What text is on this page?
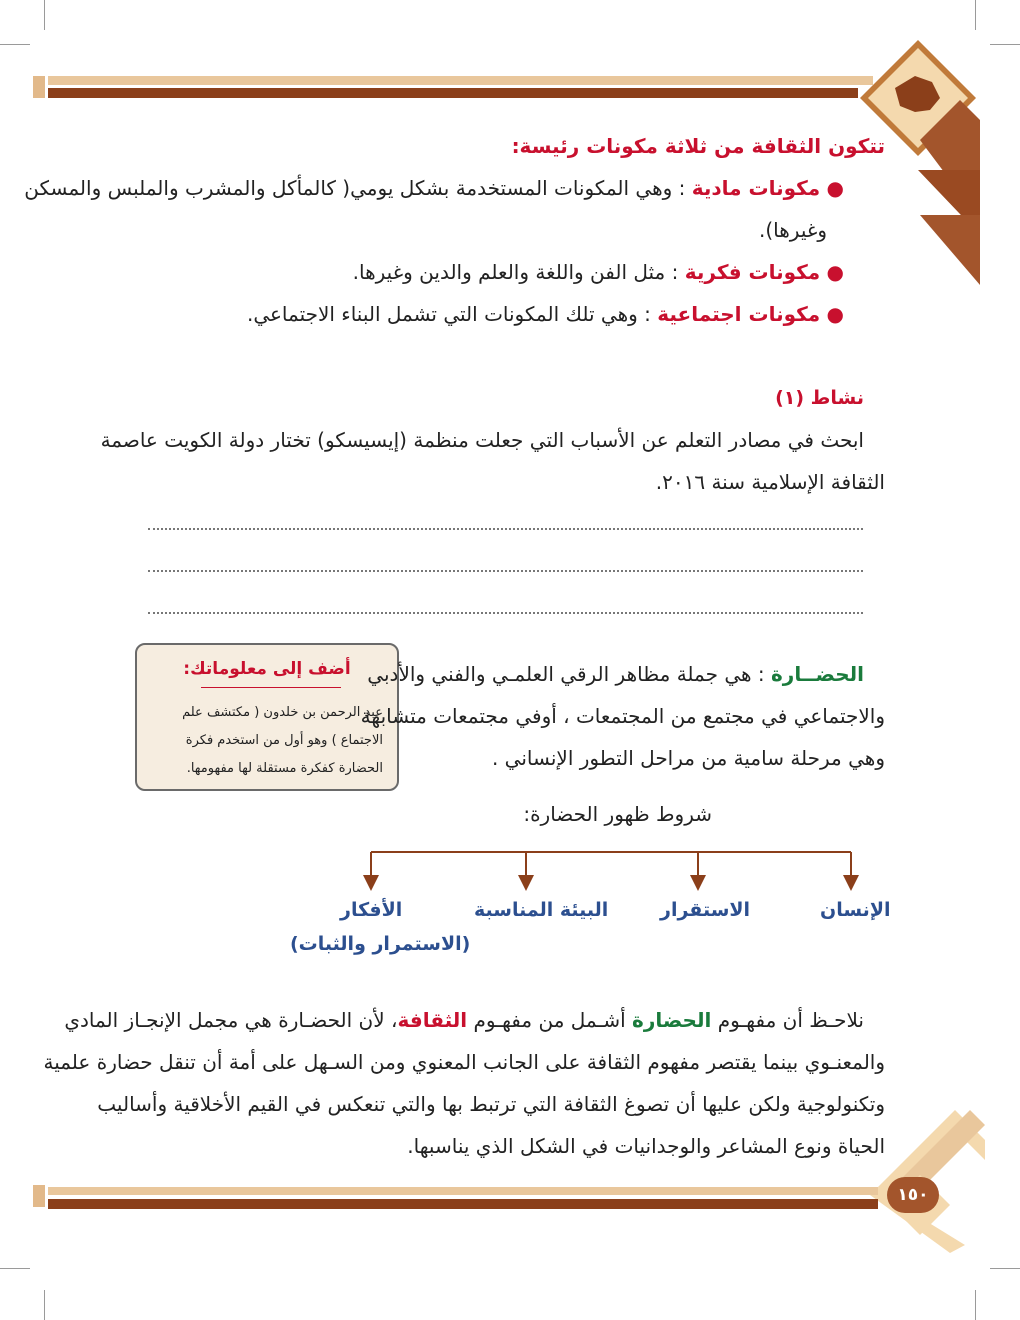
تتكون الثقافة من ثلاثة مكونات رئيسة:
● مكونات مادية : وهي المكونات المستخدمة بشكل يومي( كالمأكل والمشرب والملبس والمسكن
وغيرها).
● مكونات فكرية : مثل الفن واللغة والعلم والدين وغيرها.
● مكونات اجتماعية : وهي تلك المكونات التي تشمل البناء الاجتماعي.
نشاط (١)
ابحث في مصادر التعلم عن الأسباب التي جعلت منظمة (إيسيسكو) تختار دولة الكويت عاصمة
الثقافة الإسلامية سنة ٢٠١٦.
أضف إلى معلوماتك:
عبد الرحمن بن خلدون ( مكتشف علم
الاجتماع ) وهو أول من استخدم فكرة
الحضارة كفكرة مستقلة لها مفهومها.
الحضــارة : هي جملة مظاهر الرقي العلمـي والفني والأدبي
والاجتماعي في مجتمع من المجتمعات ، أوفي مجتمعات متشابهة
وهي مرحلة سامية من مراحل التطور الإنساني .
شروط ظهور الحضارة:
الإنسان
الاستقرار
البيئة المناسبة
الأفكار
(الاستمرار والثبات)
نلاحـظ أن مفهـوم الحضارة أشـمل من مفهـوم الثقافة، لأن الحضـارة هي مجمل الإنجـاز المادي
والمعنـوي بينما يقتصر مفهوم الثقافة على الجانب المعنوي ومن السـهل على أمة أن تنقل حضارة علمية
وتكنولوجية ولكن عليها أن تصوغ الثقافة التي ترتبط بها والتي تنعكس في القيم الأخلاقية وأساليب
الحياة ونوع المشاعر والوجدانيات في الشكل الذي يناسبها.
١٥٠
